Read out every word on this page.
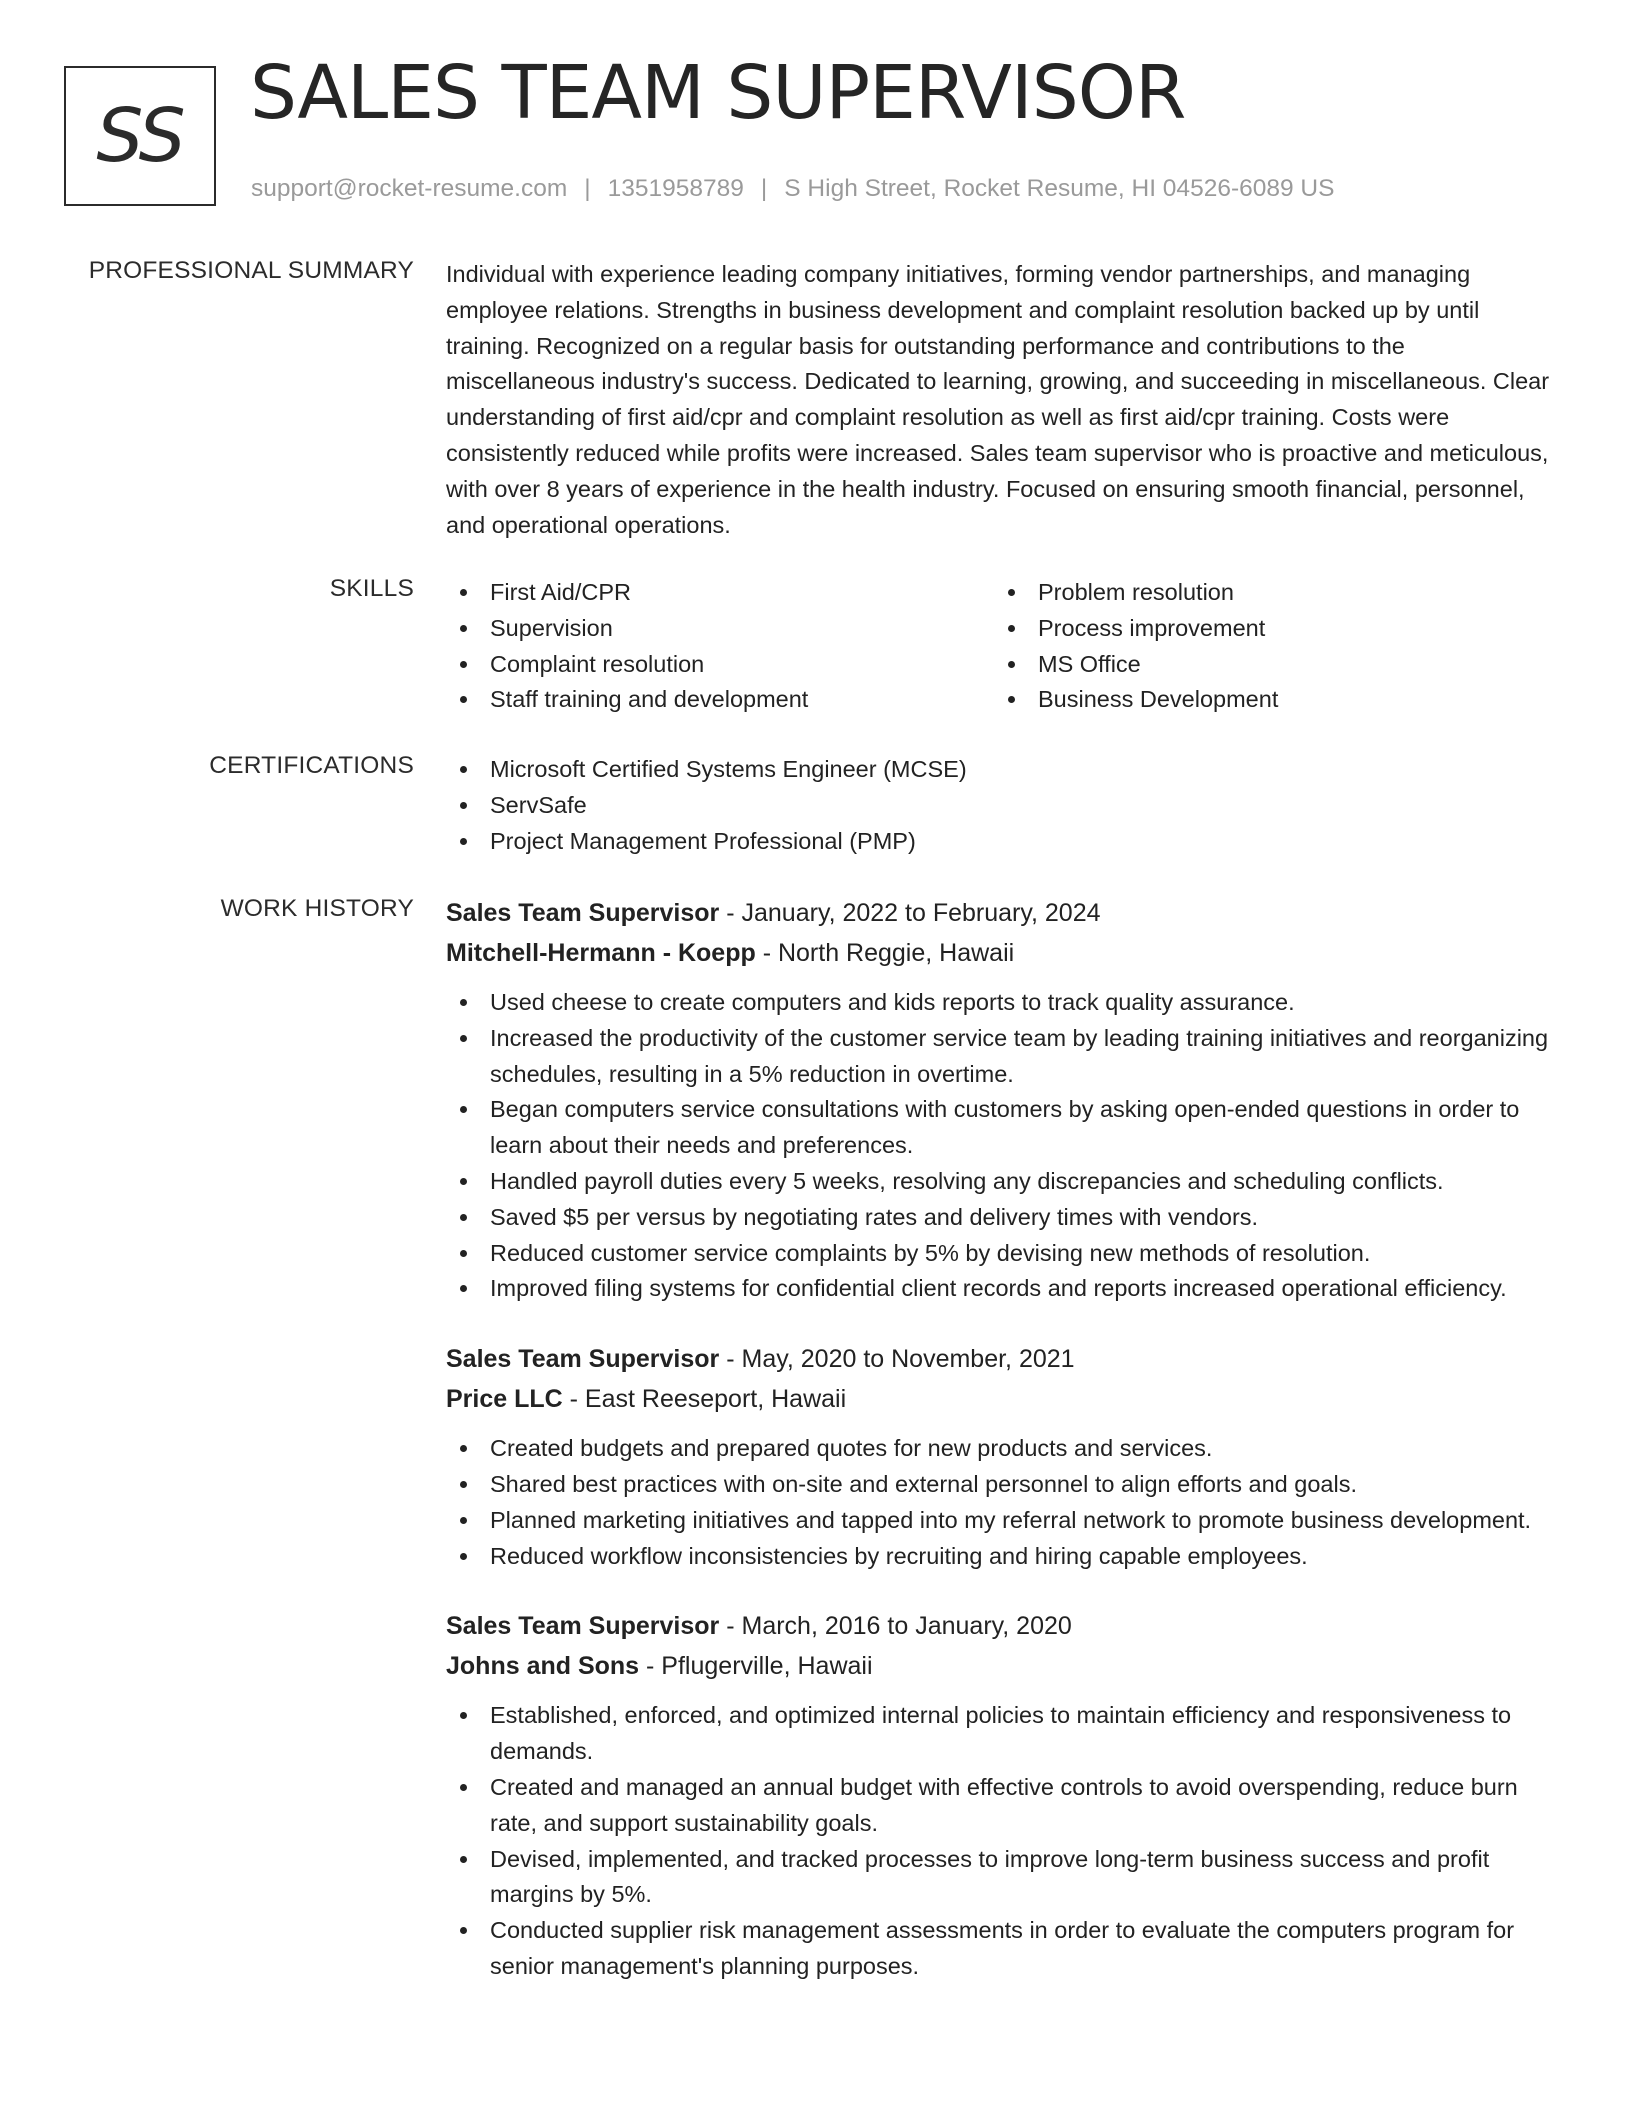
SS SALES TEAM SUPERVISOR
support@rocket-resume.com | 1351958789 | S High Street, Rocket Resume, HI 04526-6089 US
PROFESSIONAL SUMMARY Individual with experience leading company initiatives, forming vendor partnerships, and managing employee relations. Strengths in business development and complaint resolution backed up by until training. Recognized on a regular basis for outstanding performance and contributions to the miscellaneous industry's success. Dedicated to learning, growing, and succeeding in miscellaneous. Clear understanding of first aid/cpr and complaint resolution as well as first aid/cpr training. Costs were consistently reduced while profits were increased. Sales team supervisor who is proactive and meticulous, with over 8 years of experience in the health industry. Focused on ensuring smooth financial, personnel, and operational operations.

SKILLS	First Aid/CPR
Supervision
Complaint resolution
Staff training and development
Problem resolution
Process improvement
MS Office
Business Development
CERTIFICATIONS	Microsoft Certified Systems Engineer (MCSE)
ServSafe
Project Management Professional (PMP)
WORK HISTORY Sales Team Supervisor - January, 2022 to February, 2024
Mitchell-Hermann - Koepp - North Reggie, Hawaii
Used cheese to create computers and kids reports to track quality assurance.
Increased the productivity of the customer service team by leading training initiatives and reorganizing schedules, resulting in a 5% reduction in overtime.
Began computers service consultations with customers by asking open-ended questions in order to learn about their needs and preferences.
Handled payroll duties every 5 weeks, resolving any discrepancies and scheduling conflicts.
Saved $5 per versus by negotiating rates and delivery times with vendors.
Reduced customer service complaints by 5% by devising new methods of resolution.
Improved filing systems for confidential client records and reports increased operational efficiency.
Sales Team Supervisor - May, 2020 to November, 2021
Price LLC - East Reeseport, Hawaii
Created budgets and prepared quotes for new products and services.
Shared best practices with on-site and external personnel to align efforts and goals.
Planned marketing initiatives and tapped into my referral network to promote business development.
Reduced workflow inconsistencies by recruiting and hiring capable employees.
Sales Team Supervisor - March, 2016 to January, 2020
Johns and Sons - Pflugerville, Hawaii
Established, enforced, and optimized internal policies to maintain efficiency and responsiveness to demands.
Created and managed an annual budget with effective controls to avoid overspending, reduce burn rate, and support sustainability goals.
Devised, implemented, and tracked processes to improve long-term business success and profit margins by 5%.
Conducted supplier risk management assessments in order to evaluate the computers program for senior management's planning purposes.
